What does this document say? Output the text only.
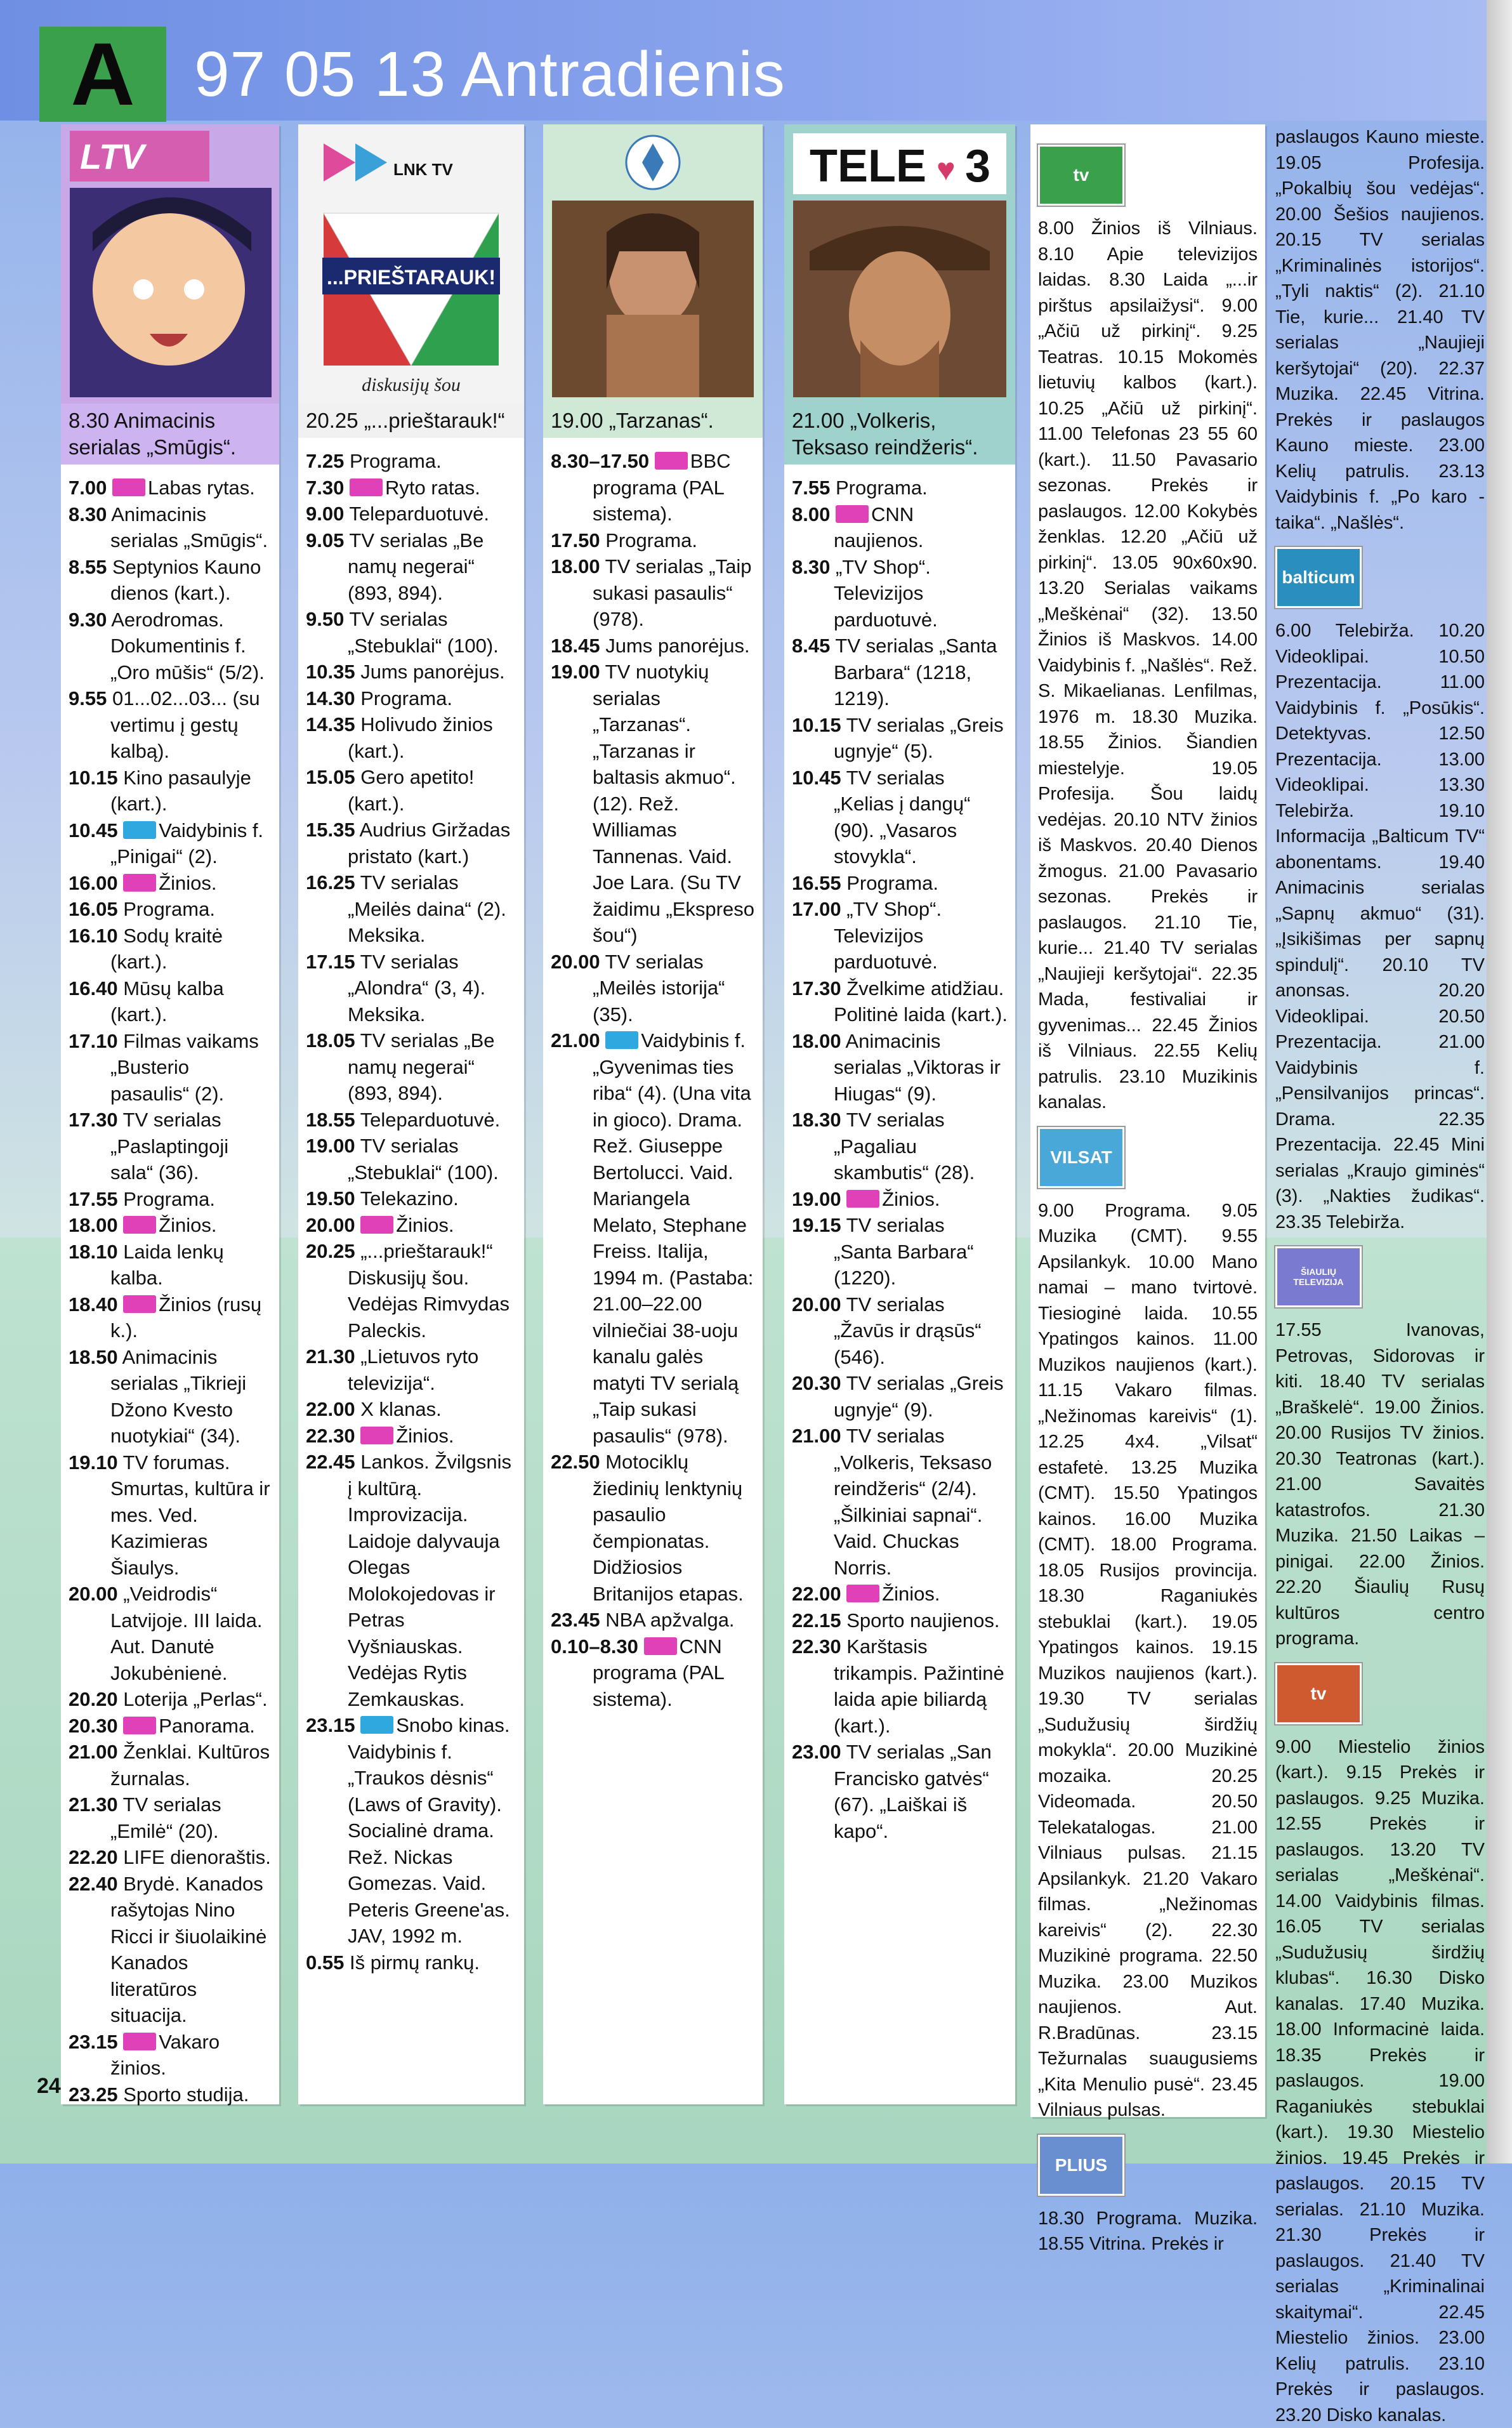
A 97 05 13 Antradienis
LTV
8.30 Animacinis serialas „Smūgis“.
7.00 Labas rytas.
8.30 Animacinis serialas „Smūgis“.
8.55 Septynios Kauno dienos (kart.).
9.30 Aerodromas. Dokumentinis f. „Oro mūšis“ (5/2).
9.55 01...02...03... (su vertimu į gestų kalbą).
10.15 Kino pasaulyje (kart.).
10.45 Vaidybinis f. „Pinigai“ (2).
16.00 Žinios.
16.05 Programa.
16.10 Sodų kraitė (kart.).
16.40 Mūsų kalba (kart.).
17.10 Filmas vaikams „Busterio pasaulis“ (2).
17.30 TV serialas „Paslaptingoji sala“ (36).
17.55 Programa.
18.00 Žinios.
18.10 Laida lenkų kalba.
18.40 Žinios (rusų k.).
18.50 Animacinis serialas „Tikrieji Džono Kvesto nuotykiai“ (34).
19.10 TV forumas. Smurtas, kultūra ir mes. Ved. Kazimieras Šiaulys.
20.00 „Veidrodis“ Latvijoje. III laida. Aut. Danutė Jokubėnienė.
20.20 Loterija „Perlas“.
20.30 Panorama.
21.00 Ženklai. Kultūros žurnalas.
21.30 TV serialas „Emilė“ (20).
22.20 LIFE dienoraštis.
22.40 Brydė. Kanados rašytojas Nino Ricci ir šiuolaikinė Kanados literatūros situacija.
23.15 Vakaro žinios.
23.25 Sporto studija.
LNK TV
...PRIEŠTARAUK!
diskusijų šou
20.25 „...prieštarauk!“
7.25 Programa.
7.30 Ryto ratas.
9.00 Teleparduotuvė.
9.05 TV serialas „Be namų negerai“ (893, 894).
9.50 TV serialas „Stebuklai“ (100).
10.35 Jums panorėjus.
14.30 Programa.
14.35 Holivudo žinios (kart.).
15.05 Gero apetito! (kart.).
15.35 Audrius Giržadas pristato (kart.)
16.25 TV serialas „Meilės daina“ (2). Meksika.
17.15 TV serialas „Alondra“ (3, 4). Meksika.
18.05 TV serialas „Be namų negerai“ (893, 894).
18.55 Teleparduotuvė.
19.00 TV serialas „Stebuklai“ (100).
19.50 Telekazino.
20.00 Žinios.
20.25 „...prieštarauk!“ Diskusijų šou. Vedėjas Rimvydas Paleckis.
21.30 „Lietuvos ryto televizija“.
22.00 X klanas.
22.30 Žinios.
22.45 Lankos. Žvilgsnis į kultūrą. Improvizacija. Laidoje dalyvauja Olegas Molokojedovas ir Petras Vyšniauskas. Vedėjas Rytis Zemkauskas.
23.15 Snobo kinas. Vaidybinis f. „Traukos dėsnis“ (Laws of Gravity). Socialinė drama. Rež. Nickas Gomezas. Vaid. Peteris Greene'as. JAV, 1992 m.
0.55 Iš pirmų rankų.
19.00 „Tarzanas“.
8.30–17.50 BBC programa (PAL sistema).
17.50 Programa.
18.00 TV serialas „Taip sukasi pasaulis“ (978).
18.45 Jums panorėjus.
19.00 TV nuotykių serialas „Tarzanas“. „Tarzanas ir baltasis akmuo“. (12). Rež. Williamas Tannenas. Vaid. Joe Lara. (Su TV žaidimu „Ekspreso šou“)
20.00 TV serialas „Meilės istorija“ (35).
21.00 Vaidybinis f. „Gyvenimas ties riba“ (4). (Una vita in gioco). Drama. Rež. Giuseppe Bertolucci. Vaid. Mariangela Melato, Stephane Freiss. Italija, 1994 m. (Pastaba: 21.00–22.00 vilniečiai 38-uoju kanalu galės matyti TV serialą „Taip sukasi pasaulis“ (978).
22.50 Motociklų žiedinių lenktynių pasaulio čempionatas. Didžiosios Britanijos etapas.
23.45 NBA apžvalga.
0.10–8.30 CNN programa (PAL sistema).
TELE ♥ 3
21.00 „Volkeris, Teksaso reindžeris“.
7.55 Programa.
8.00 CNN naujienos.
8.30 „TV Shop“. Televizijos parduotuvė.
8.45 TV serialas „Santa Barbara“ (1218, 1219).
10.15 TV serialas „Greis ugnyje“ (5).
10.45 TV serialas „Kelias į dangų“ (90). „Vasaros stovykla“.
16.55 Programa.
17.00 „TV Shop“. Televizijos parduotuvė.
17.30 Žvelkime atidžiau. Politinė laida (kart.).
18.00 Animacinis serialas „Viktoras ir Hiugas“ (9).
18.30 TV serialas „Pagaliau skambutis“ (28).
19.00 Žinios.
19.15 TV serialas „Santa Barbara“ (1220).
20.00 TV serialas „Žavūs ir drąsūs“ (546).
20.30 TV serialas „Greis ugnyje“ (9).
21.00 TV serialas „Volkeris, Teksaso reindžeris“ (2/4). „Šilkiniai sapnai“. Vaid. Chuckas Norris.
22.00 Žinios.
22.15 Sporto naujienos.
22.30 Karštasis trikampis. Pažintinė laida apie biliardą (kart.).
23.00 TV serialas „San Francisko gatvės“ (67). „Laiškai iš kapo“.
tv
8.00 Žinios iš Vilniaus. 8.10 Apie televizijos laidas. 8.30 Laida „...ir pirštus apsilaižysi“. 9.00 „Ačiū už pirkinį“. 9.25 Teatras. 10.15 Mokomės lietuvių kalbos (kart.). 10.25 „Ačiū už pirkinį“. 11.00 Telefonas 23 55 60 (kart.). 11.50 Pavasario sezonas. Prekės ir paslaugos. 12.00 Kokybės ženklas. 12.20 „Ačiū už pirkinį“. 13.05 90x60x90. 13.20 Serialas vaikams „Meškėnai“ (32). 13.50 Žinios iš Maskvos. 14.00 Vaidybinis f. „Našlės“. Rež. S. Mikaelianas. Lenfilmas, 1976 m. 18.30 Muzika. 18.55 Žinios. Šiandien miestelyje. 19.05 Profesija. Šou laidų vedėjas. 20.10 NTV žinios iš Maskvos. 20.40 Dienos žmogus. 21.00 Pavasario sezonas. Prekės ir paslaugos. 21.10 Tie, kurie... 21.40 TV serialas „Naujieji keršytojai“. 22.35 Mada, festivaliai ir gyvenimas... 22.45 Žinios iš Vilniaus. 22.55 Kelių patrulis. 23.10 Muzikinis kanalas.
VILSAT
9.00 Programa. 9.05 Muzika (CMT). 9.55 Apsilankyk. 10.00 Mano namai – mano tvirtovė. Tiesioginė laida. 10.55 Ypatingos kainos. 11.00 Muzikos naujienos (kart.). 11.15 Vakaro filmas. „Nežinomas kareivis“ (1). 12.25 4x4. „Vilsat“ estafetė. 13.25 Muzika (CMT). 15.50 Ypatingos kainos. 16.00 Muzika (CMT). 18.00 Programa. 18.05 Rusijos provincija. 18.30 Raganiukės stebuklai (kart.). 19.05 Ypatingos kainos. 19.15 Muzikos naujienos (kart.). 19.30 TV serialas „Sudužusių širdžių mokykla“. 20.00 Muzikinė mozaika. 20.25 Videomada. 20.50 Telekatalogas. 21.00 Vilniaus pulsas. 21.15 Apsilankyk. 21.20 Vakaro filmas. „Nežinomas kareivis“ (2). 22.30 Muzikinė programa. 22.50 Muzika. 23.00 Muzikos naujienos. Aut. R.Bradūnas. 23.15 Težurnalas suaugusiems „Kita Menulio pusė“. 23.45 Vilniaus pulsas.
PLIUS
18.30 Programa. Muzika. 18.55 Vitrina. Prekės ir
paslaugos Kauno mieste. 19.05 Profesija. „Pokalbių šou vedėjas“. 20.00 Šešios naujienos. 20.15 TV serialas „Kriminalinės istorijos“. „Tyli naktis“ (2). 21.10 Tie, kurie... 21.40 TV serialas „Naujieji keršytojai“ (20). 22.37 Muzika. 22.45 Vitrina. Prekės ir paslaugos Kauno mieste. 23.00 Kelių patrulis. 23.13 Vaidybinis f. „Po karo - taika“. „Našlės“.
balticum
6.00 Telebirža. 10.20 Videoklipai. 10.50 Prezentacija. 11.00 Vaidybinis f. „Posūkis“. Detektyvas. 12.50 Prezentacija. 13.00 Videoklipai. 13.30 Telebirža. 19.10 Informacija „Balticum TV“ abonentams. 19.40 Animacinis serialas „Sapnų akmuo“ (31). „Įsikišimas per sapnų spindulį“. 20.10 TV anonsas. 20.20 Videoklipai. 20.50 Prezentacija. 21.00 Vaidybinis f. „Pensilvanijos princas“. Drama. 22.35 Prezentacija. 22.45 Mini serialas „Kraujo giminės“ (3). „Nakties žudikas“. 23.35 Telebirža.
ŠIAULIŲ TELEVIZIJA
17.55 Ivanovas, Petrovas, Sidorovas ir kiti. 18.40 TV serialas „Braškelė“. 19.00 Žinios. 20.00 Rusijos TV žinios. 20.30 Teatronas (kart.). 21.00 Savaitės katastrofos. 21.30 Muzika. 21.50 Laikas – pinigai. 22.00 Žinios. 22.20 Šiaulių Rusų kultūros centro programa.
tv
9.00 Miestelio žinios (kart.). 9.15 Prekės ir paslaugos. 9.25 Muzika. 12.55 Prekės ir paslaugos. 13.20 TV serialas „Meškėnai“. 14.00 Vaidybinis filmas. 16.05 TV serialas „Sudužusių širdžių klubas“. 16.30 Disko kanalas. 17.40 Muzika. 18.00 Informacinė laida. 18.35 Prekės ir paslaugos. 19.00 Raganiukės stebuklai (kart.). 19.30 Miestelio žinios. 19.45 Prekės ir paslaugos. 20.15 TV serialas. 21.10 Muzika. 21.30 Prekės ir paslaugos. 21.40 TV serialas „Kriminalinai skaitymai“. 22.45 Miestelio žinios. 23.00 Kelių patrulis. 23.10 Prekės ir paslaugos. 23.20 Disko kanalas.
24
